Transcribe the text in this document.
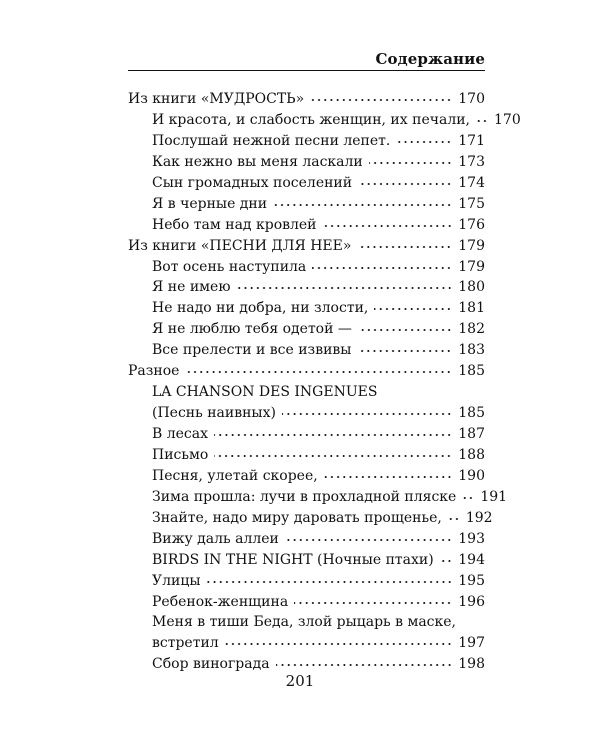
Содержание
Из книги «МУДРОСТЬ»	170
И красота, и слабость женщин, их печали, 170
Послушай нежной песни лепет.	171
Как нежно вы меня ласкали	173
Сын громадных поселений	174
Я в черные дни	175
Небо там над кровлей	176
Из книги «ПЕСНИ ДЛЯ НЕЕ»	179
Вот осень наступила	179
Я не имею	180
Не надо ни добра, ни злости,	181
Я не люблю тебя одетой —	182
Все прелести и все извивы	183
Разное	185
LA CHANSON DES INGENUES
(Песнь наивных)	185
В лесах	187
Письмо	188
Песня, улетай скорее,	190
Зима прошла: лучи в прохладной пляске 191
Знайте, надо миру даровать прощенье, 192
Вижу даль аллеи	193
BIRDS IN THE NIGHT (Ночные птахи) 194
Улицы	195
Ребенок-женщина	196
Меня в тиши Беда, злой рыцарь в маске,
встретил	197
Сбор винограда	198
201
